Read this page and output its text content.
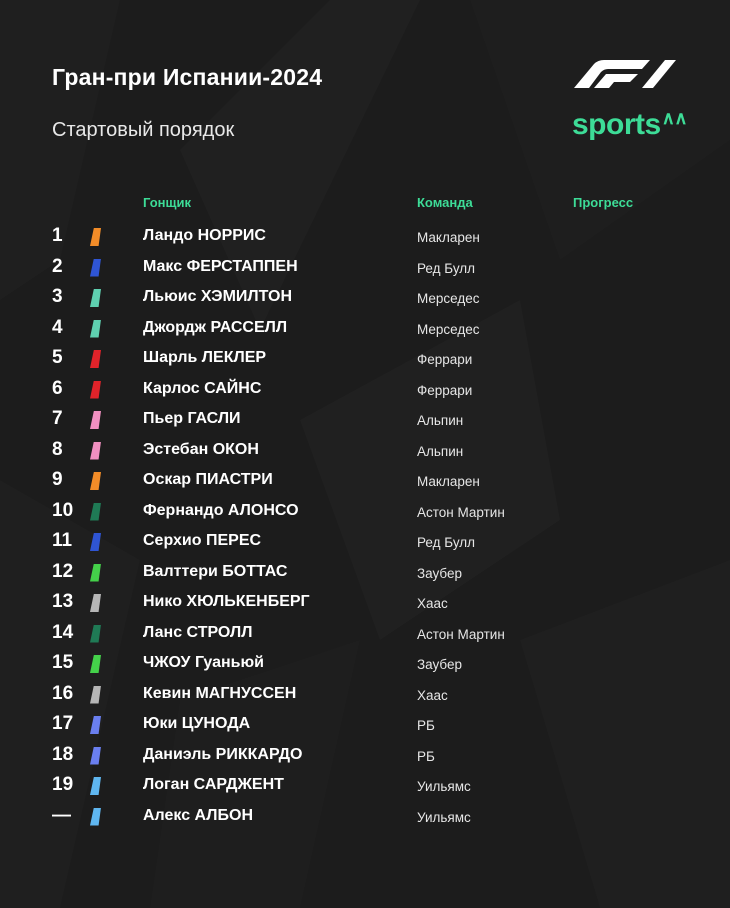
Гран-при Испании-2024
Стартовый порядок	sports∧∧
Гонщик	Команда	Прогресс
1	Ландо НОРРИС	Макларен
2	Макс ФЕРСТАППЕН	Ред Булл
3	Льюис ХЭМИЛТОН	Мерседес
4	Джордж РАССЕЛЛ	Мерседес
5	Шарль ЛЕКЛЕР	Феррари
6	Карлос САЙНС	Феррари
7	Пьер ГАСЛИ	Альпин
8	Эстебан ОКОН	Альпин
9	Оскар ПИАСТРИ	Макларен
10	Фернандо АЛОНСО	Астон Мартин
11	Серхио ПЕРЕС	Ред Булл
12	Валттери БОТТАС	Заубер
13	Нико ХЮЛЬКЕНБЕРГ	Хаас
14	Ланс СТРОЛЛ	Астон Мартин
15	ЧЖОУ Гуаньюй	Заубер
16	Кевин МАГНУССЕН	Хаас
17	Юки ЦУНОДА	РБ
18	Даниэль РИККАРДО	РБ
19	Логан САРДЖЕНТ	Уильямс
—	Алекс АЛБОН	Уильямс
